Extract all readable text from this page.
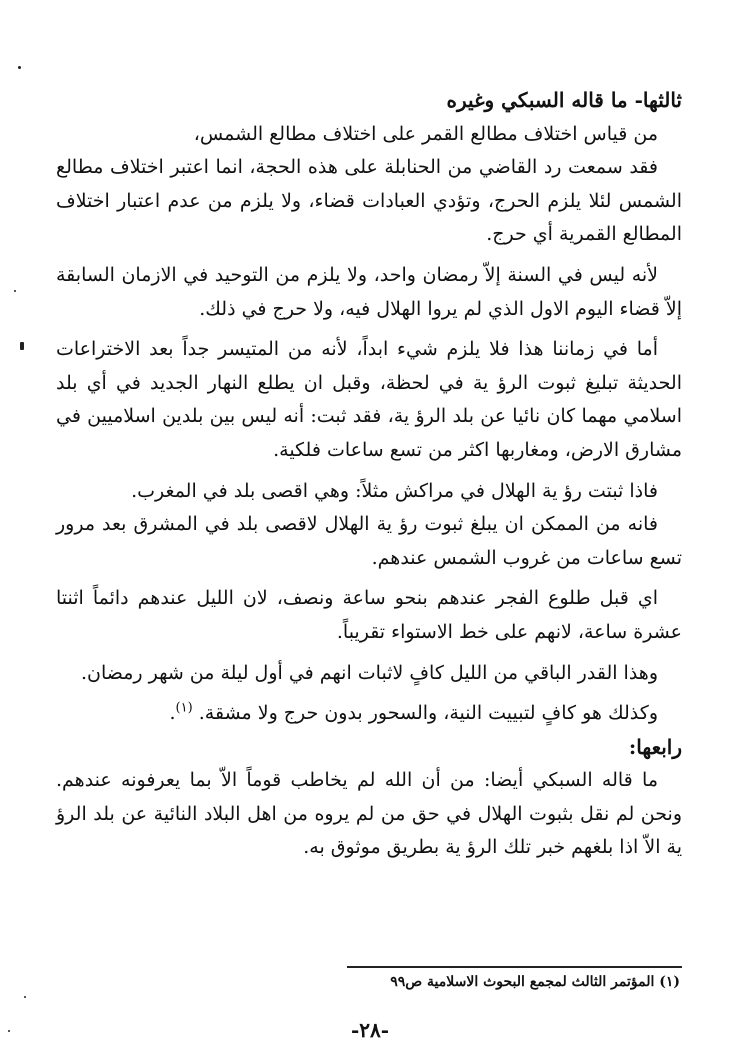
ثالثها- ما قاله السبكي وغيره

من قياس اختلاف مطالع القمر على اختلاف مطالع الشمس،

فقد سمعت رد القاضي من الحنابلة على هذه الحجة، انما اعتبر اختلاف مطالع الشمس لئلا يلزم الحرج، وتؤدي العبادات قضاء، ولا يلزم من عدم اعتبار اختلاف المطالع القمرية أي حرج.

لأنه ليس في السنة إلاّ رمضان واحد، ولا يلزم من التوحيد في الازمان السابقة إلاّ قضاء اليوم الاول الذي لم يروا الهلال فيه، ولا حرج في ذلك.

أما في زماننا هذا فلا يلزم شيء ابداً، لأنه من المتيسر جداً بعد الاختراعات الحديثة تبليغ ثبوت الرؤ ية في لحظة، وقبل ان يطلع النهار الجديد في أي بلد اسلامي مهما كان نائيا عن بلد الرؤ ية، فقد ثبت: أنه ليس بين بلدين اسلاميين في مشارق الارض، ومغاربها اكثر من تسع ساعات فلكية.

فاذا ثبتت رؤ ية الهلال في مراكش مثلاً: وهي اقصى بلد في المغرب.

فانه من الممكن ان يبلغ ثبوت رؤ ية الهلال لاقصى بلد في المشرق بعد مرور تسع ساعات من غروب الشمس عندهم.

اي قبل طلوع الفجر عندهم بنحو ساعة ونصف، لان الليل عندهم دائماً اثنتا عشرة ساعة، لانهم على خط الاستواء تقريباً.

وهذا القدر الباقي من الليل كافٍ لاثبات انهم في أول ليلة من شهر رمضان.

وكذلك هو كافٍ لتبييت النية، والسحور بدون حرج ولا مشقة. $^{(١)}$.

رابعها:

ما قاله السبكي أيضا: من أن الله لم يخاطب قوماً الاّ بما يعرفونه عندهم. ونحن لم نقل بثبوت الهلال في حق من لم يروه من اهل البلاد النائية عن بلد الرؤ ية الاّ اذا بلغهم خبر تلك الرؤ ية بطريق موثوق به.

(١) المؤتمر الثالث لمجمع البحوث الاسلامية ص٩٩
-٢٨-
